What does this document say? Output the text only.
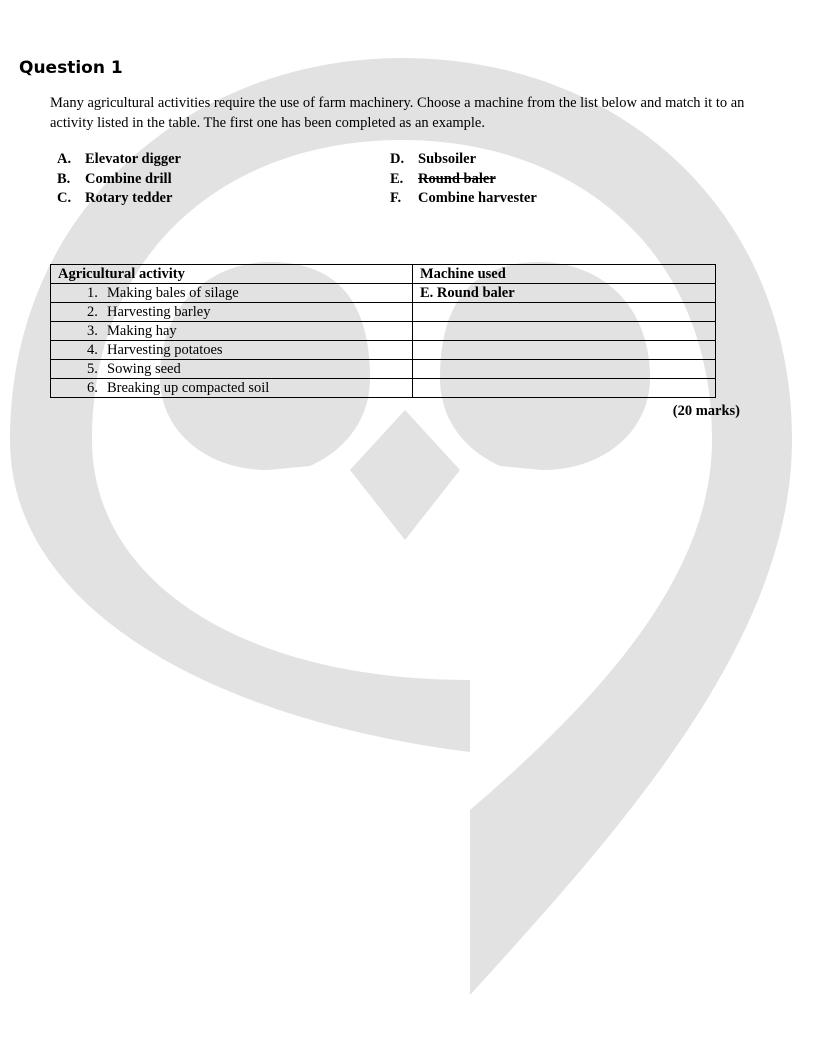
Question 1

Many agricultural activities require the use of farm machinery. Choose a machine from the list below and match it to an activity listed in the table. The first one has been completed as an example.

A. Elevator digger
B. Combine drill
C. Rotary tedder
D. Subsoiler
E. Round baler
F. Combine harvester
Agricultural activity	Machine used
1. Making bales of silage	E. Round baler
2. Harvesting barley	
3. Making hay	
4. Harvesting potatoes	
5. Sowing seed	
6. Breaking up compacted soil	
(20 marks)
